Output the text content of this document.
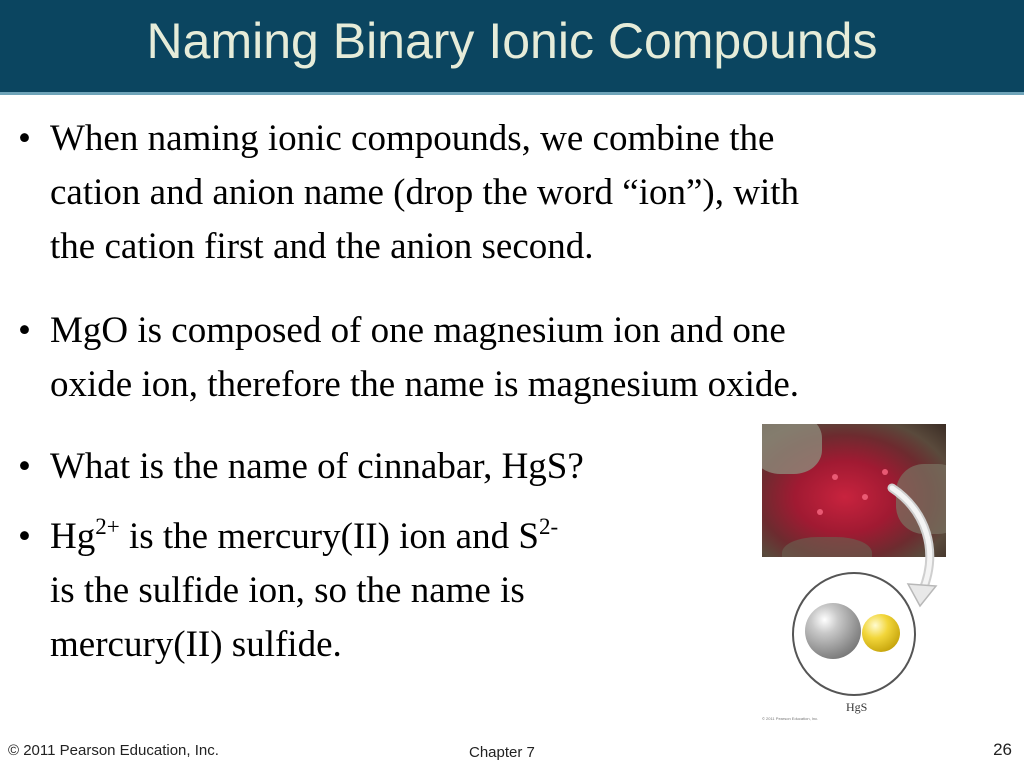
Naming Binary Ionic Compounds
• When naming ionic compounds, we combine the
cation and anion name (drop the word “ion”), with
the cation first and the anion second.
• MgO is composed of one magnesium ion and one
oxide ion, therefore the name is magnesium oxide.
• What is the name of cinnabar, HgS?
• $Hg^{2+}$ is the mercury(II) ion and $S^{2-}$
is the sulfide ion, so the name is
mercury(II) sulfide.
HgS
© 2011 Pearson Education, Inc.
© 2011 Pearson Education, Inc.	Chapter 7	26
